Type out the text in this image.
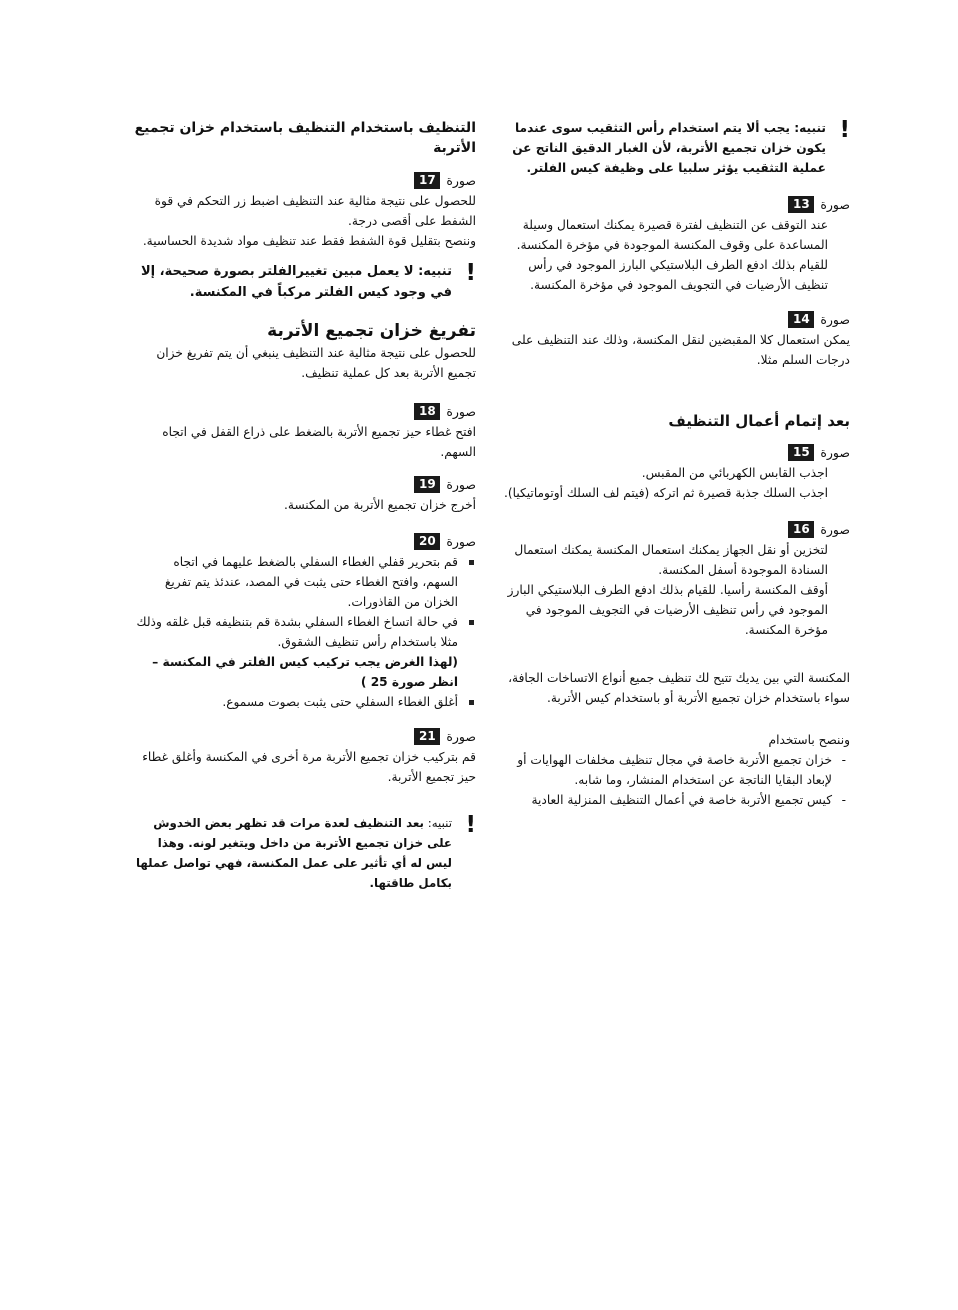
!

تنبيه: يجب ألا يتم استخدام رأس التثقيب سوى عندما يكون خزان تجميع الأتربة، لأن الغبار الدقيق الناتج عن عملية التثقيب يؤثر سلبيا على وظيفة كيس الفلتر.

صورة
13

عند التوقف عن التنظيف لفترة قصيرة يمكنك استعمال وسيلة المساعدة على وقوف المكنسة الموجودة في مؤخرة المكنسة.

للقيام بذلك ادفع الطرف البلاستيكي البارز الموجود في رأس تنظيف الأرضيات في التجويف الموجود في مؤخرة المكنسة.

صورة
14

يمكن استعمال كلا المقبضين لنقل المكنسة، وذلك عند التنظيف على درجات السلم مثلا.

بعد إتمام أعمال التنظيف

صورة
15

اجذب القابس الكهربائي من المقبس.

اجذب السلك جذبة قصيرة ثم اتركه (فيتم لف السلك أوتوماتيكيا).

صورة
16

لتخزين أو نقل الجهاز يمكنك استعمال المكنسة يمكنك استعمال السنادة الموجودة أسفل المكنسة.

أوقف المكنسة رأسيا. للقيام بذلك ادفع الطرف البلاستيكي البارز الموجود في رأس تنظيف الأرضيات في التجويف الموجود في مؤخرة المكنسة.

المكنسة التي بين يديك تتيح لك تنظيف جميع أنواع الاتساخات الجافة، سواء باستخدام خزان تجميع الأتربة أو باستخدام كيس الأتربة.

وننصح باستخدام

- خزان تجميع الأتربة خاصة في مجال تنظيف مخلفات الهوايات أو لإبعاد البقايا الناتجة عن استخدام المنشار، وما شابه.
- كيس تجميع الأتربة خاصة في أعمال التنظيف المنزلية العادية

التنظيف باستخدام التنظيف باستخدام خزان تجميع الأتربة

صورة
17

للحصول على نتيجة مثالية عند التنظيف اضبط زر التحكم في قوة الشفط على أقصى درجة.

وننصح بتقليل قوة الشفط فقط عند تنظيف مواد شديدة الحساسية.

!

تنبيه: لا يعمل مبين تغييرالفلتر بصورة صحيحة، إلا في وجود كيس الفلتر مركباً في المكنسة.

تفريغ خزان تجميع الأتربة

للحصول على نتيجة مثالية عند التنظيف ينبغي أن يتم تفريغ خزان تجميع الأتربة بعد كل عملية تنظيف.

صورة
18

افتح غطاء حيز تجميع الأتربة بالضغط على ذراع القفل في اتجاه السهم.

صورة
19

أخرج خزان تجميع الأتربة من المكنسة.

صورة
20
قم بتحرير قفلي الغطاء السفلي بالضغط عليهما في اتجاه السهم، وافتح الغطاء حتى يثبت في المصد، عندئذ يتم تفريغ الخزان من القاذورات.
في حالة اتساخ الغطاء السفلي بشدة قم بتنظيفه قبل غلقه وذلك مثلا باستخدام رأس تنظيف الشقوق.
(لهذا الغرض يجب تركيب كيس الفلتر في المكنسة – انظر صورة 25 )
أغلق الغطاء السفلي حتى يثبت بصوت مسموع.
صورة
21

قم بتركيب خزان تجميع الأتربة مرة أخرى في المكنسة وأغلق غطاء حيز تجميع الأتربة.

!

تنبيه: بعد التنظيف لعدة مرات قد تظهر بعض الخدوش على خزان تجميع الأتربة من داخل ويتغير لونه. وهذا ليس له أي تأثير على عمل المكنسة، فهي تواصل عملها بكامل طاقتها.
